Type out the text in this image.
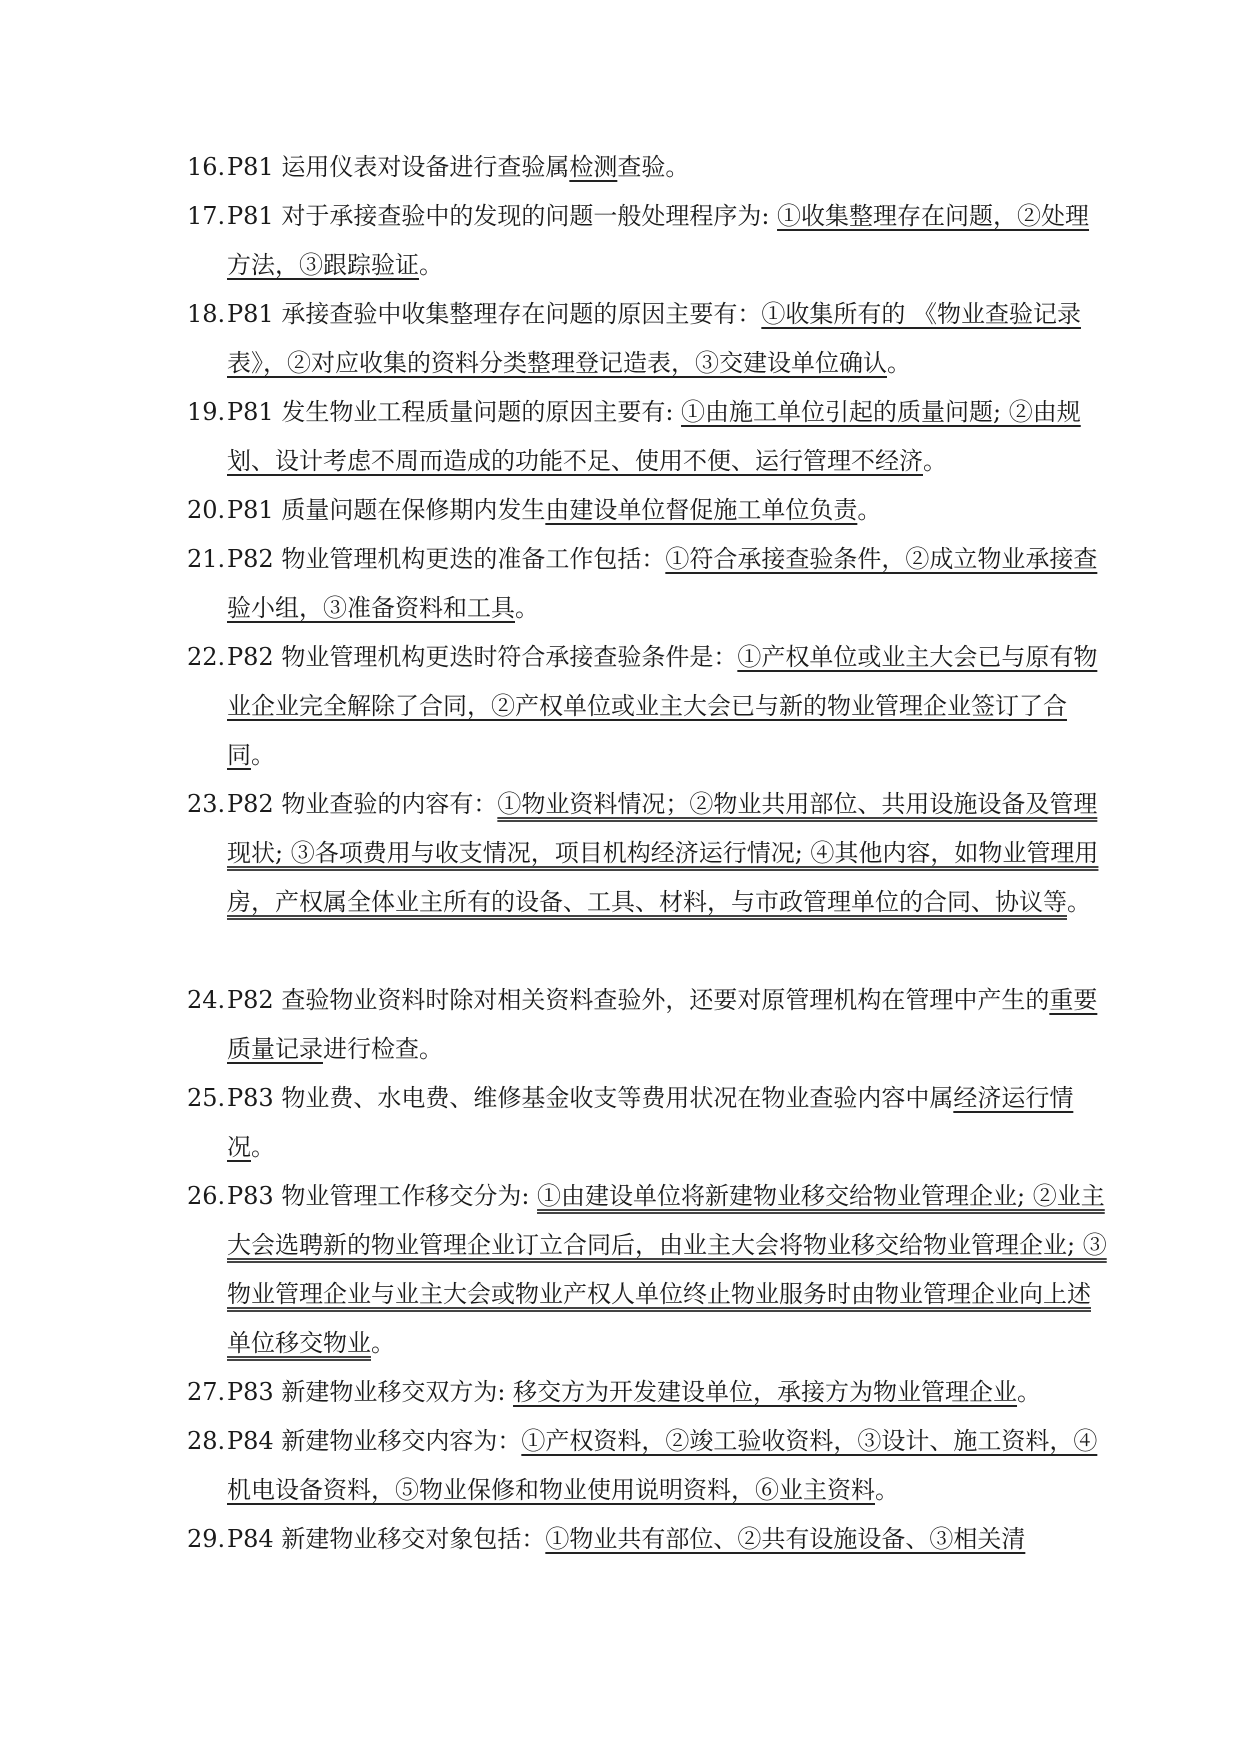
16.P81 运用仪表对设备进行查验属检测查验。
17.P81 对于承接查验中的发现的问题一般处理程序为: ①收集整理存在问题，②处理方法，③跟踪验证。
18.P81 承接查验中收集整理存在问题的原因主要有：①收集所有的 《物业查验记录表》，②对应收集的资料分类整理登记造表，③交建设单位确认。
19.P81 发生物业工程质量问题的原因主要有: ①由施工单位引起的质量问题; ②由规划、设计考虑不周而造成的功能不足、使用不便、运行管理不经济。
20.P81 质量问题在保修期内发生由建设单位督促施工单位负责。
21.P82 物业管理机构更迭的准备工作包括：①符合承接查验条件，②成立物业承接查验小组，③准备资料和工具。
22.P82 物业管理机构更迭时符合承接查验条件是：①产权单位或业主大会已与原有物业企业完全解除了合同，②产权单位或业主大会已与新的物业管理企业签订了合同。
23.P82 物业查验的内容有：①物业资料情况；②物业共用部位、共用设施设备及管理现状; ③各项费用与收支情况，项目机构经济运行情况; ④其他内容，如物业管理用房，产权属全体业主所有的设备、工具、材料，与市政管理单位的合同、协议等。
24.P82 查验物业资料时除对相关资料查验外，还要对原管理机构在管理中产生的重要质量记录进行检查。
25.P83 物业费、水电费、维修基金收支等费用状况在物业查验内容中属经济运行情况。
26.P83 物业管理工作移交分为: ①由建设单位将新建物业移交给物业管理企业; ②业主大会选聘新的物业管理企业订立合同后，由业主大会将物业移交给物业管理企业; ③物业管理企业与业主大会或物业产权人单位终止物业服务时由物业管理企业向上述单位移交物业。
27.P83 新建物业移交双方为: 移交方为开发建设单位，承接方为物业管理企业。
28.P84 新建物业移交内容为：①产权资料，②竣工验收资料，③设计、施工资料，④机电设备资料，⑤物业保修和物业使用说明资料，⑥业主资料。
29.P84 新建物业移交对象包括：①物业共有部位、②共有设施设备、③相关清
